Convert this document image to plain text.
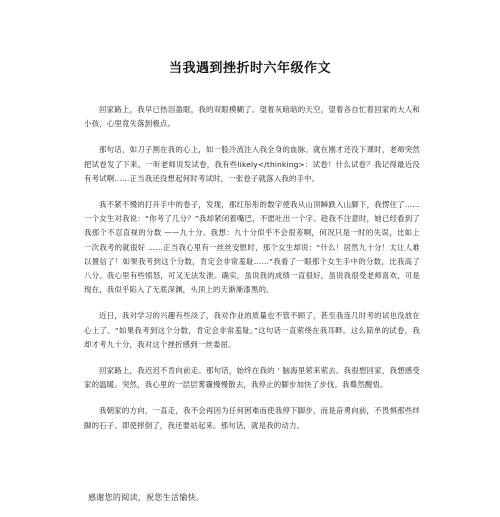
当我遇到挫折时六年级作文

回家路上，我早已热泪盈眶，我的双眼模糊了。望着灰暗暗的天空，望着各自忙着回家的大人和小孩，心里竟失落到极点。

那句话，如刀子割在我的心上，如一股冷流注入我全身的血脉。就在刚才还没下课时，老师突然把试卷发了下来。一听老师说发试卷，我有些likely</thinking>：试卷！什么试卷？我记得最近没有考试啊……正当我还没想起何时考试时，一张卷子就落入我的手中。

我不紧不慢的打开手中的卷子，发现，那红彤彤的数字使我从山顶瞬跌入山脚下，我愣住了……一个女生对我说：“你考了几分？”我却紧闭着嘴巴，不愿吐出一个字。趁我不注意时，她已经看到了我那个不忍直视的分数 ——九十分。我想：九十分似乎不会很差啊，何况只是一时的失误，比如上一次我考的就很好 ……正当我心里有一丝丝安慰时，那个女生却说：“什么！居然九十分！太让人难以置信了！如果我考到这个分数，肯定会非常羞耻……”我看了一眼那个女生手中的分数，比我高了八分。我心里有些愤怒，可又无法发泄。确实，虽说我的成绩一直很好，虽说我很受老师喜欢，可是现在，我似乎陷入了无底深渊，头顶上的天渐渐漆黑的。

近日，我对学习的兴趣有些淡了，我对作业的质量也不管不顾了，甚至我连几时考的试也没放在心上了。“如果我考到这个分数，肯定会非常羞耻。”这句话一直萦绕在我耳畔。这么简单的试卷，我却才考九十分，我对这个挫折感到一丝委屈。

回家路上，我迟迟不肯向前走。那句话，始终在我的 ’ 脑海里萦来萦去。我很想回家，我想感受家的温暖。突然，我心里的一层层雾霾慢慢散去，我停止的脚步加快了步伐。我蓦然醒悟。

我朝家的方向，一直走，我不会再因为任何困难而使我停下脚步，而是奋勇向前，不畏惧那些绊脚的石子。即使摔倒了，我还要站起来。那句话，就是我的动力。

感谢您的阅读，祝您生活愉快。
